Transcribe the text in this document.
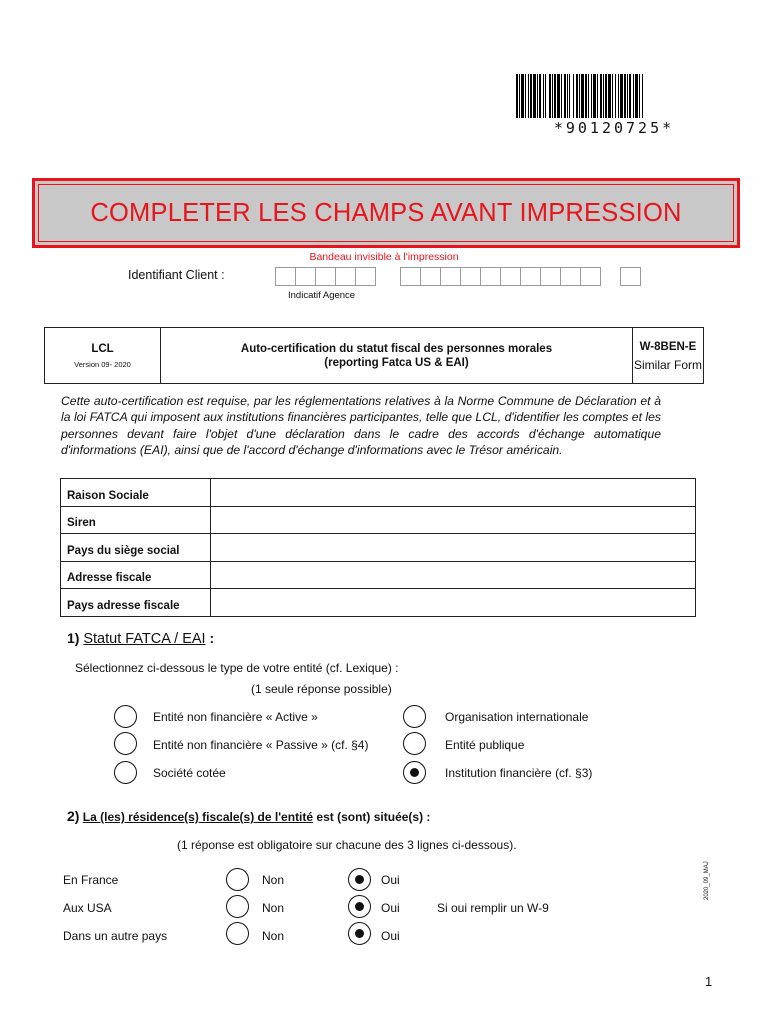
*90120725*
COMPLETER LES CHAMPS AVANT IMPRESSION
Bandeau invisible à l'impression
Identifiant Client :
Indicatif Agence
LCL
Version 09- 2020
Auto-certification du statut fiscal des personnes morales
(reporting Fatca US & EAI)
W-8BEN-E
Similar Form
Cette auto-certification est requise, par les réglementations relatives à la Norme Commune de Déclaration et à la loi FATCA qui imposent aux institutions financières participantes, telle que LCL, d'identifier les comptes et les personnes devant faire l'objet d'une déclaration dans le cadre des accords d'échange automatique d'informations (EAI), ainsi que de l'accord d'échange d'informations avec le Trésor américain.
Raison Sociale	
Siren	
Pays du siège social	
Adresse fiscale	
Pays adresse fiscale	
1) Statut FATCA / EAI :
Sélectionnez ci-dessous le type de votre entité (cf. Lexique) :
(1 seule réponse possible)
Entité non financière « Active »	Organisation internationale
Entité non financière « Passive » (cf. §4)	Entité publique
Société cotée	Institution financière (cf. §3)
2) La (les) résidence(s) fiscale(s) de l'entité est (sont) située(s) :
(1 réponse est obligatoire sur chacune des 3 lignes ci-dessous).
En France	Non	Oui
Aux USA	Non	Oui	Si oui remplir un W-9
Dans un autre pays	Non	Oui
2020_09_MAJ
1
